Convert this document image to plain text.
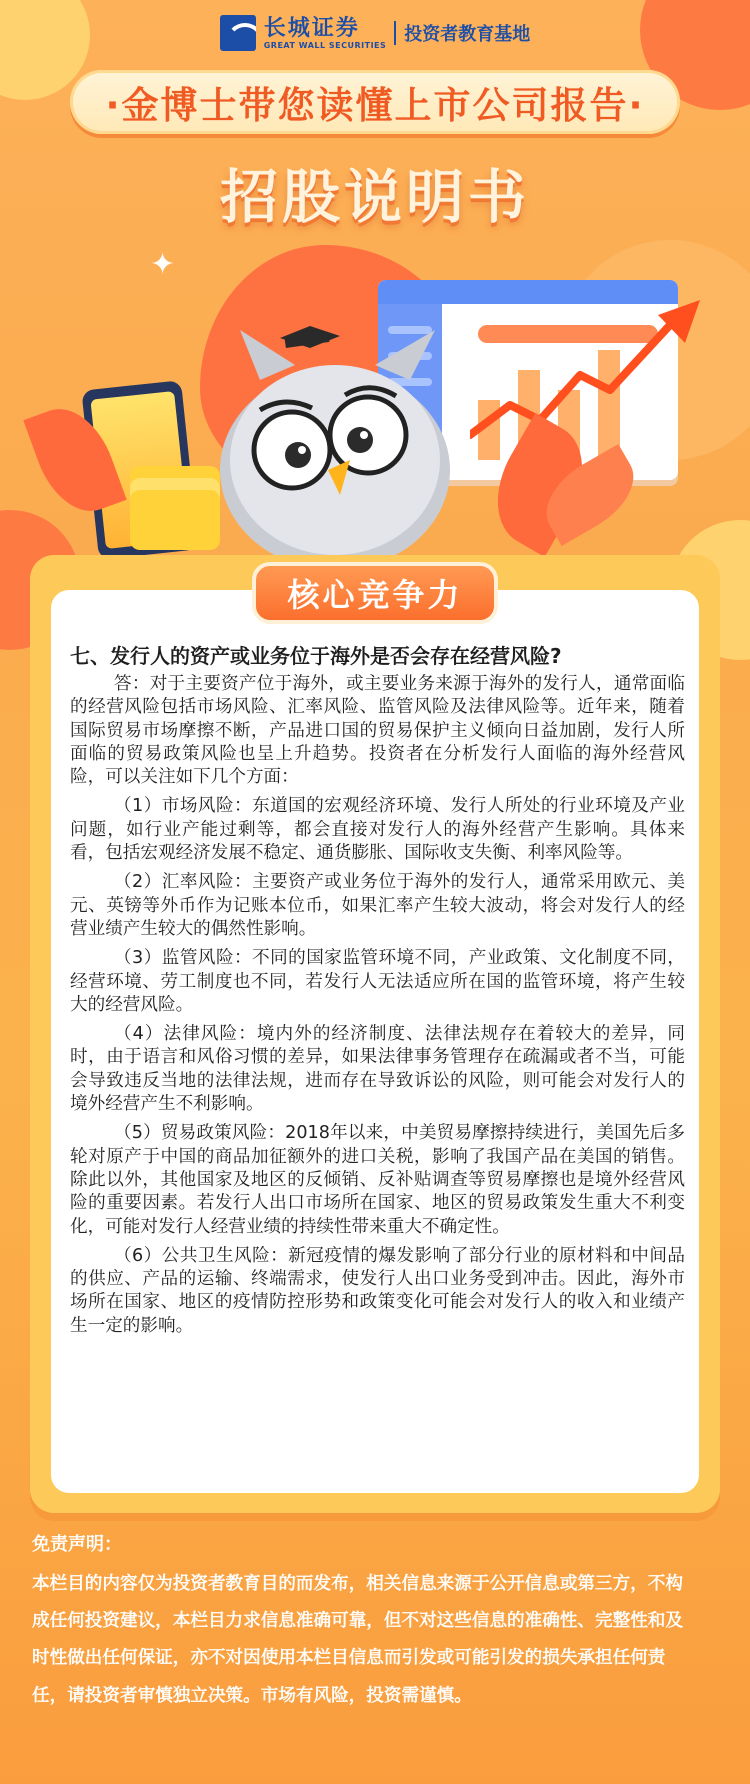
长城证券
GREAT WALL SECURITIES 投资者教育基地
·金博士带您读懂上市公司报告·
招股说明书
✦
核心竞争力
七、发行人的资产或业务位于海外是否会存在经营风险?

答：对于主要资产位于海外，或主要业务来源于海外的发行人，通常面临的经营风险包括市场风险、汇率风险、监管风险及法律风险等。近年来，随着国际贸易市场摩擦不断，产品进口国的贸易保护主义倾向日益加剧，发行人所面临的贸易政策风险也呈上升趋势。投资者在分析发行人面临的海外经营风险，可以关注如下几个方面：

（1）市场风险：东道国的宏观经济环境、发行人所处的行业环境及产业问题，如行业产能过剩等，都会直接对发行人的海外经营产生影响。具体来看，包括宏观经济发展不稳定、通货膨胀、国际收支失衡、利率风险等。

（2）汇率风险：主要资产或业务位于海外的发行人，通常采用欧元、美元、英镑等外币作为记账本位币，如果汇率产生较大波动，将会对发行人的经营业绩产生较大的偶然性影响。

（3）监管风险：不同的国家监管环境不同，产业政策、文化制度不同，经营环境、劳工制度也不同，若发行人无法适应所在国的监管环境，将产生较大的经营风险。

（4）法律风险：境内外的经济制度、法律法规存在着较大的差异，同时，由于语言和风俗习惯的差异，如果法律事务管理存在疏漏或者不当，可能会导致违反当地的法律法规，进而存在导致诉讼的风险，则可能会对发行人的境外经营产生不利影响。

（5）贸易政策风险：2018年以来，中美贸易摩擦持续进行，美国先后多轮对原产于中国的商品加征额外的进口关税，影响了我国产品在美国的销售。除此以外，其他国家及地区的反倾销、反补贴调查等贸易摩擦也是境外经营风险的重要因素。若发行人出口市场所在国家、地区的贸易政策发生重大不利变化，可能对发行人经营业绩的持续性带来重大不确定性。

（6）公共卫生风险：新冠疫情的爆发影响了部分行业的原材料和中间品的供应、产品的运输、终端需求，使发行人出口业务受到冲击。因此，海外市场所在国家、地区的疫情防控形势和政策变化可能会对发行人的收入和业绩产生一定的影响。

免责声明：
本栏目的内容仅为投资者教育目的而发布，相关信息来源于公开信息或第三方，不构成任何投资建议，本栏目力求信息准确可靠，但不对这些信息的准确性、完整性和及时性做出任何保证，亦不对因使用本栏目信息而引发或可能引发的损失承担任何责任，请投资者审慎独立决策。市场有风险，投资需谨慎。
